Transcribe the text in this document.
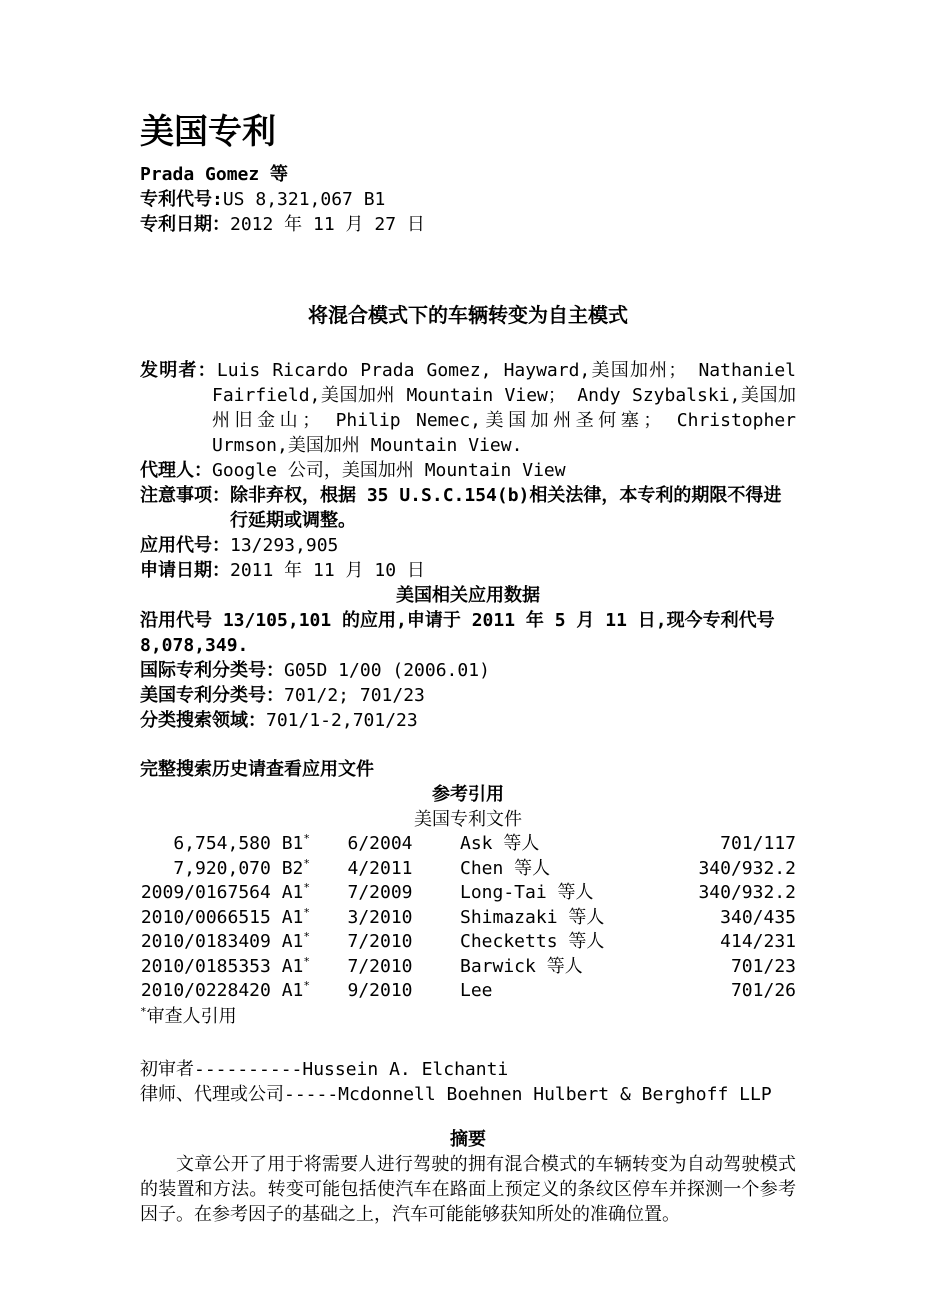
美国专利
Prada Gomez 等
专利代号:US 8,321,067 B1
专利日期：2012 年 11 月 27 日
将混合模式下的车辆转变为自主模式
发明者：Luis Ricardo Prada Gomez, Hayward,美国加州； Nathaniel Fairfield,美国加州 Mountain View； Andy Szybalski,美国加州旧金山； Philip Nemec,美国加州圣何塞； Christopher Urmson,美国加州 Mountain View.
代理人：Google 公司，美国加州 Mountain View
注意事项：除非弃权，根据 35 U.S.C.154(b)相关法律，本专利的期限不得进行延期或调整。
应用代号：13/293,905
申请日期：2011 年 11 月 10 日
美国相关应用数据
沿用代号 13/105,101 的应用,申请于 2011 年 5 月 11 日,现今专利代号 8,078,349.
国际专利分类号：G05D 1/00 (2006.01)
美国专利分类号：701/2; 701/23
分类搜索领域：701/1-2,701/23
完整搜索历史请查看应用文件
参考引用
美国专利文件
6,754,580 B1*	6/2004	Ask 等人	701/117
7,920,070 B2*	4/2011	Chen 等人	340/932.2
2009/0167564 A1*	7/2009	Long-Tai 等人	340/932.2
2010/0066515 A1*	3/2010	Shimazaki 等人	340/435
2010/0183409 A1*	7/2010	Checketts 等人	414/231
2010/0185353 A1*	7/2010	Barwick 等人	701/23
2010/0228420 A1*	9/2010	Lee	701/26
*审查人引用
初审者----------Hussein A. Elchanti
律师、代理或公司-----Mcdonnell Boehnen Hulbert & Berghoff LLP
摘要

文章公开了用于将需要人进行驾驶的拥有混合模式的车辆转变为自动驾驶模式的装置和方法。转变可能包括使汽车在路面上预定义的条纹区停车并探测一个参考因子。在参考因子的基础之上，汽车可能能够获知所处的准确位置。
